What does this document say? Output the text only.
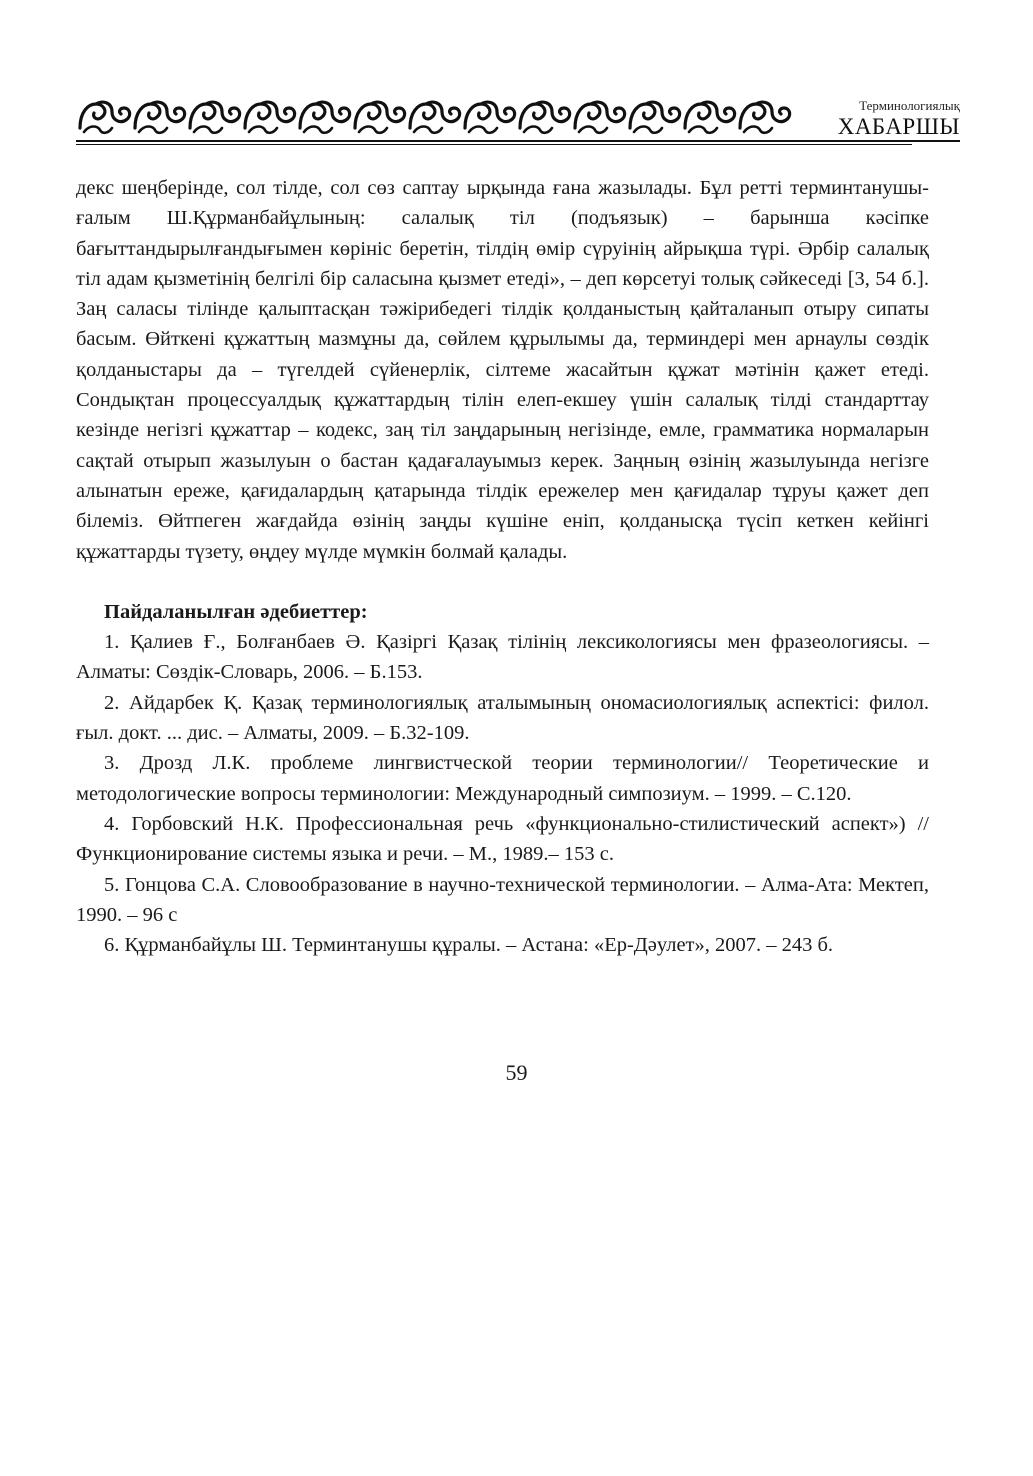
Терминологиялық
ХАБАРШЫ

декс шеңберінде, сол тілде, сол сөз саптау ырқында ғана жазылады. Бұл ретті терминтанушы-ғалым Ш.Құрманбайұлының: салалық тіл (подъязык) – барынша кәсіпке бағыттандырылғандығымен көрініс беретін, тілдің өмір сүруінің айрықша түрі. Әрбір салалық тіл адам қызметінің белгілі бір саласына қызмет етеді», – деп көрсетуі толық сәйкеседі [3, 54 б.]. Заң саласы тілінде қалыптасқан тәжірибедегі тілдік қолданыстың қайталанып отыру сипаты басым. Өйткені құжаттың мазмұны да, сөйлем құрылымы да, терминдері мен арнаулы сөздік қолданыстары да – түгелдей сүйенерлік, сілтеме жасайтын құжат мәтінін қажет етеді. Сондықтан процессуалдық құжаттардың тілін елеп-екшеу үшін салалық тілді стандарттау кезінде негізгі құжаттар – кодекс, заң тіл заңдарының негізінде, емле, грамматика нормаларын сақтай отырып жазылуын о бастан қадағалауымыз керек. Заңның өзінің жазылуында негізге алынатын ереже, қағидалардың қатарында тілдік ережелер мен қағидалар тұруы қажет деп білеміз. Өйтпеген жағдайда өзінің заңды күшіне еніп, қолданысқа түсіп кеткен кейінгі құжаттарды түзету, өңдеу мүлде мүмкін болмай қалады.

Пайдаланылған әдебиеттер:

1. Қалиев Ғ., Болғанбаев Ә. Қазіргі Қазақ тілінің лексикологиясы мен фразеологиясы. – Алматы: Сөздік-Словарь, 2006. – Б.153.

2. Айдарбек Қ. Қазақ терминологиялық аталымының ономасиологиялық аспектісі: филол. ғыл. докт. ... дис. – Алматы, 2009. – Б.32-109.

3. Дрозд Л.К. проблеме лингвистческой теории терминологии// Теоретические и методологические вопросы терминологии: Международный симпозиум. – 1999. – С.120.

4. Горбовский Н.К. Профессиональная речь «функционально-стилистический аспект») // Функционирование системы языка и речи. – М., 1989.– 153 с.

5. Гонцова С.А. Словообразование в научно-технической терминологии. – Алма-Ата: Мектеп, 1990. – 96 с

6. Құрманбайұлы Ш. Терминтанушы құралы. – Астана: «Ер-Дәулет», 2007. – 243 б.

59
